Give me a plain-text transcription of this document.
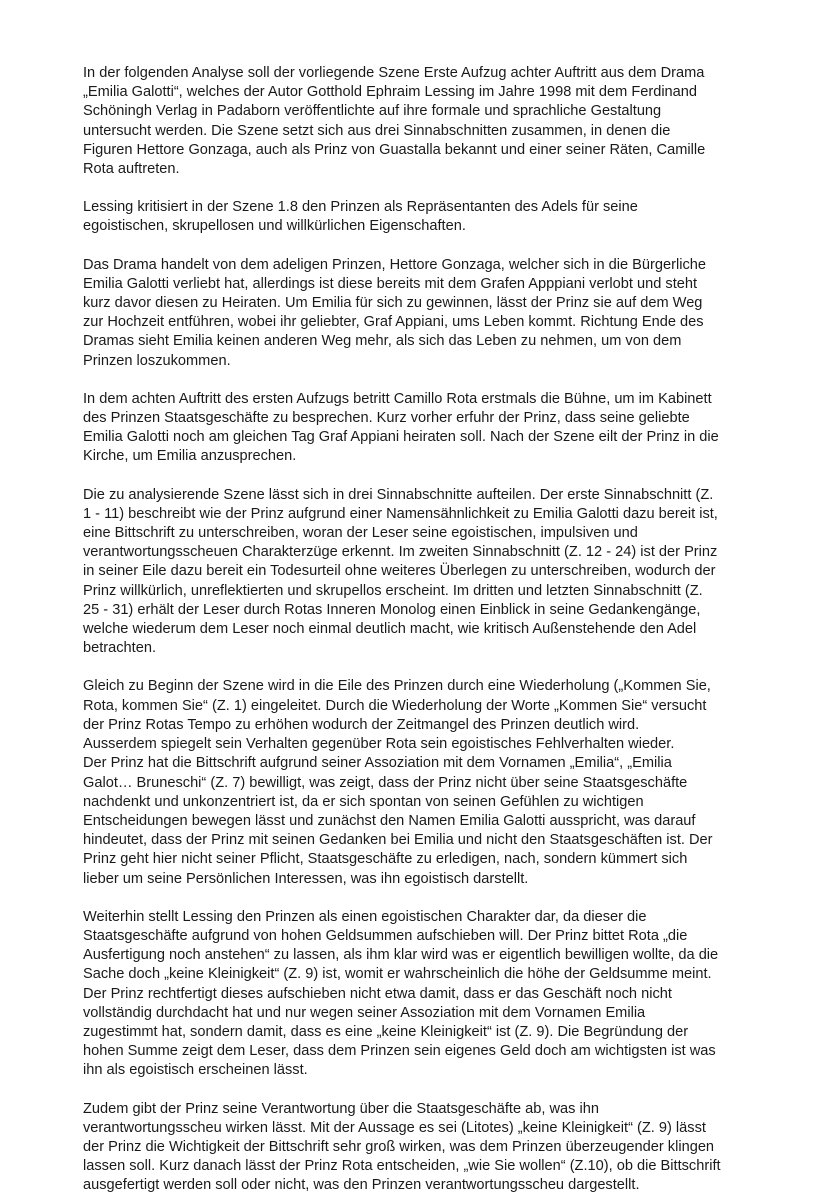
In der folgenden Analyse soll der vorliegende Szene Erste Aufzug achter Auftritt aus dem Drama
„Emilia Galotti“, welches der Autor Gotthold Ephraim Lessing im Jahre 1998 mit dem Ferdinand
Schöningh Verlag in Padaborn veröffentlichte auf ihre formale und sprachliche Gestaltung
untersucht werden. Die Szene setzt sich aus drei Sinnabschnitten zusammen, in denen die
Figuren Hettore Gonzaga, auch als Prinz von Guastalla bekannt und einer seiner Räten, Camille
Rota auftreten.

Lessing kritisiert in der Szene 1.8 den Prinzen als Repräsentanten des Adels für seine
egoistischen, skrupellosen und willkürlichen Eigenschaften.

Das Drama handelt von dem adeligen Prinzen, Hettore Gonzaga, welcher sich in die Bürgerliche
Emilia Galotti verliebt hat, allerdings ist diese bereits mit dem Grafen Apppiani verlobt und steht
kurz davor diesen zu Heiraten. Um Emilia für sich zu gewinnen, lässt der Prinz sie auf dem Weg
zur Hochzeit entführen, wobei ihr geliebter, Graf Appiani, ums Leben kommt. Richtung Ende des
Dramas sieht Emilia keinen anderen Weg mehr, als sich das Leben zu nehmen, um von dem
Prinzen loszukommen.

In dem achten Auftritt des ersten Aufzugs betritt Camillo Rota erstmals die Bühne, um im Kabinett
des Prinzen Staatsgeschäfte zu besprechen. Kurz vorher erfuhr der Prinz, dass seine geliebte
Emilia Galotti noch am gleichen Tag Graf Appiani heiraten soll. Nach der Szene eilt der Prinz in die
Kirche, um Emilia anzusprechen.

Die zu analysierende Szene lässt sich in drei Sinnabschnitte aufteilen. Der erste Sinnabschnitt (Z.
1 - 11) beschreibt wie der Prinz aufgrund einer Namensähnlichkeit zu Emilia Galotti dazu bereit ist,
eine Bittschrift zu unterschreiben, woran der Leser seine egoistischen, impulsiven und
verantwortungsscheuen Charakterzüge erkennt. Im zweiten Sinnabschnitt (Z. 12 - 24) ist der Prinz
in seiner Eile dazu bereit ein Todesurteil ohne weiteres Überlegen zu unterschreiben, wodurch der
Prinz willkürlich, unreflektierten und skrupellos erscheint. Im dritten und letzten Sinnabschnitt (Z.
25 - 31) erhält der Leser durch Rotas Inneren Monolog einen Einblick in seine Gedankengänge,
welche wiederum dem Leser noch einmal deutlich macht, wie kritisch Außenstehende den Adel
betrachten.

Gleich zu Beginn der Szene wird in die Eile des Prinzen durch eine Wiederholung („Kommen Sie,
Rota, kommen Sie“ (Z. 1) eingeleitet. Durch die Wiederholung der Worte „Kommen Sie“ versucht
der Prinz Rotas Tempo zu erhöhen wodurch der Zeitmangel des Prinzen deutlich wird.
Ausserdem spiegelt sein Verhalten gegenüber Rota sein egoistisches Fehlverhalten wieder.
Der Prinz hat die Bittschrift aufgrund seiner Assoziation mit dem Vornamen „Emilia“, „Emilia
Galot… Bruneschi“ (Z. 7) bewilligt, was zeigt, dass der Prinz nicht über seine Staatsgeschäfte
nachdenkt und unkonzentriert ist, da er sich spontan von seinen Gefühlen zu wichtigen
Entscheidungen bewegen lässt und zunächst den Namen Emilia Galotti ausspricht, was darauf
hindeutet, dass der Prinz mit seinen Gedanken bei Emilia und nicht den Staatsgeschäften ist. Der
Prinz geht hier nicht seiner Pflicht, Staatsgeschäfte zu erledigen, nach, sondern kümmert sich
lieber um seine Persönlichen Interessen, was ihn egoistisch darstellt.

Weiterhin stellt Lessing den Prinzen als einen egoistischen Charakter dar, da dieser die
Staatsgeschäfte aufgrund von hohen Geldsummen aufschieben will. Der Prinz bittet Rota „die
Ausfertigung noch anstehen“ zu lassen, als ihm klar wird was er eigentlich bewilligen wollte, da die
Sache doch „keine Kleinigkeit“ (Z. 9) ist, womit er wahrscheinlich die höhe der Geldsumme meint.
Der Prinz rechtfertigt dieses aufschieben nicht etwa damit, dass er das Geschäft noch nicht
vollständig durchdacht hat und nur wegen seiner Assoziation mit dem Vornamen Emilia
zugestimmt hat, sondern damit, dass es eine „keine Kleinigkeit“ ist (Z. 9). Die Begründung der
hohen Summe zeigt dem Leser, dass dem Prinzen sein eigenes Geld doch am wichtigsten ist was
ihn als egoistisch erscheinen lässt.

Zudem gibt der Prinz seine Verantwortung über die Staatsgeschäfte ab, was ihn
verantwortungsscheu wirken lässt. Mit der Aussage es sei (Litotes) „keine Kleinigkeit“ (Z. 9) lässt
der Prinz die Wichtigkeit der Bittschrift sehr groß wirken, was dem Prinzen überzeugender klingen
lassen soll. Kurz danach lässt der Prinz Rota entscheiden, „wie Sie wollen“ (Z.10), ob die Bittschrift
ausgefertigt werden soll oder nicht, was den Prinzen verantwortungsscheu dargestellt.
